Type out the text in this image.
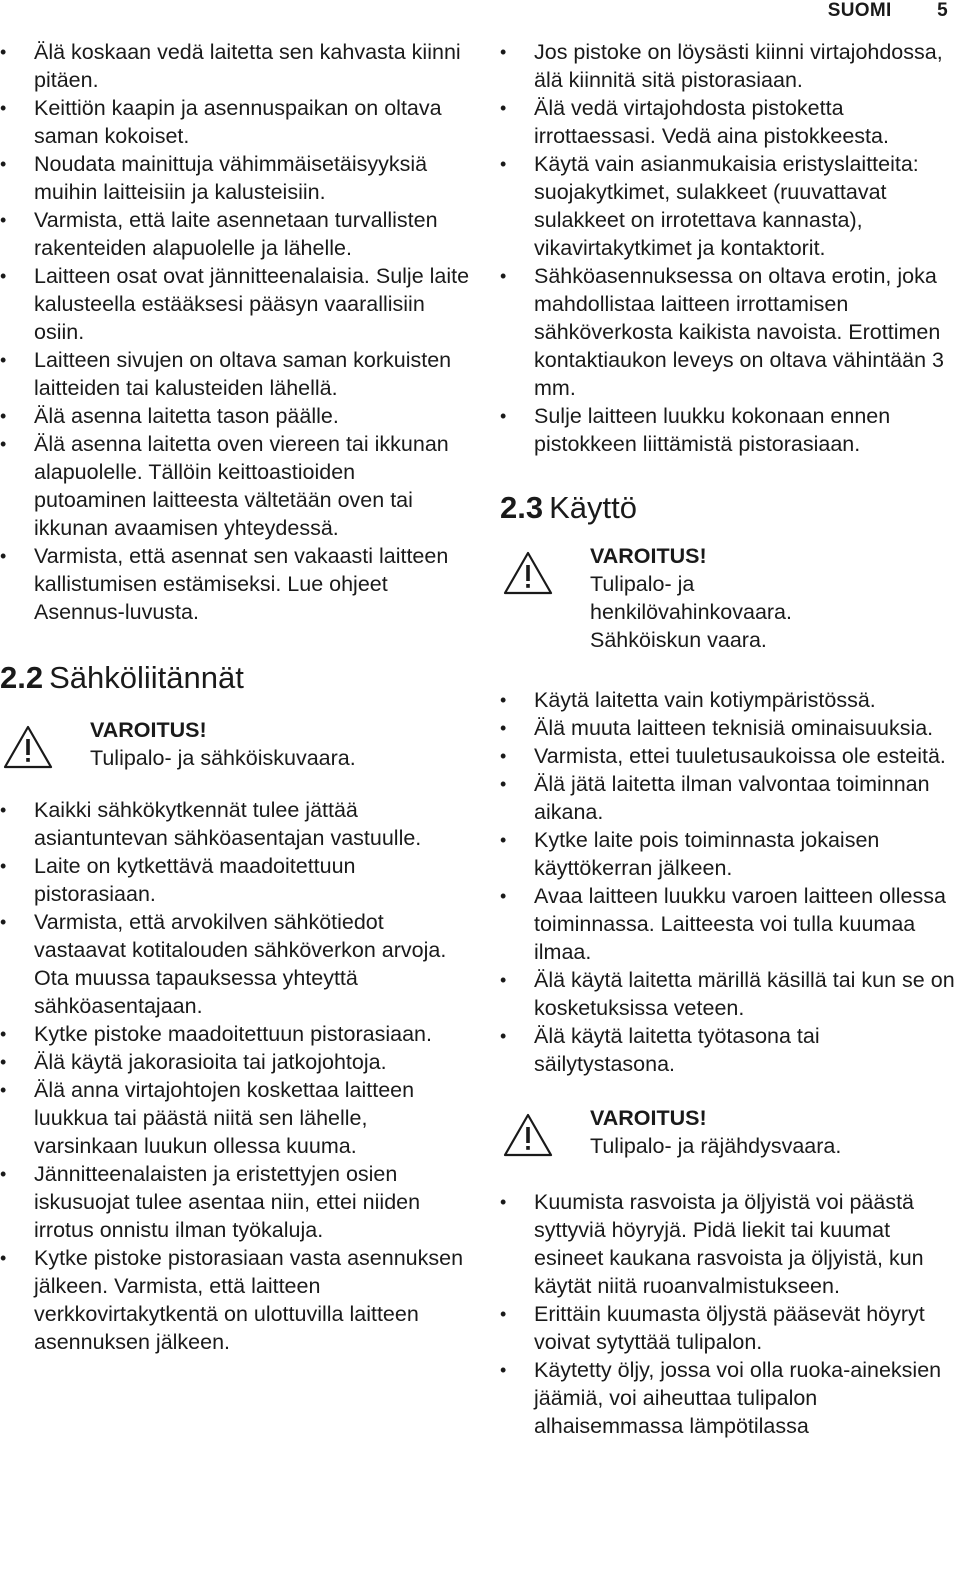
SUOMI 5
• Älä koskaan vedä laitetta sen kahvasta kiinni pitäen.
• Keittiön kaapin ja asennuspaikan on oltava saman kokoiset.
• Noudata mainittuja vähimmäisetäisyyksiä muihin laitteisiin ja kalusteisiin.
• Varmista, että laite asennetaan turvallisten rakenteiden alapuolelle ja lähelle.
• Laitteen osat ovat jännitteenalaisia. Sulje laite kalusteella estääksesi pääsyn vaarallisiin osiin.
• Laitteen sivujen on oltava saman korkuisten laitteiden tai kalusteiden lähellä.
• Älä asenna laitetta tason päälle.
• Älä asenna laitetta oven viereen tai ikkunan alapuolelle. Tällöin keittoastioiden putoaminen laitteesta vältetään oven tai ikkunan avaamisen yhteydessä.
• Varmista, että asennat sen vakaasti laitteen kallistumisen estämiseksi. Lue ohjeet Asennus-luvusta.
2.2 Sähköliitännät
VAROITUS!
Tulipalo- ja sähköiskuvaara.
• Kaikki sähkökytkennät tulee jättää asiantuntevan sähköasentajan vastuulle.
• Laite on kytkettävä maadoitettuun pistorasiaan.
• Varmista, että arvokilven sähkötiedot vastaavat kotitalouden sähköverkon arvoja. Ota muussa tapauksessa yhteyttä sähköasentajaan.
• Kytke pistoke maadoitettuun pistorasiaan.
• Älä käytä jakorasioita tai jatkojohtoja.
• Älä anna virtajohtojen koskettaa laitteen luukkua tai päästä niitä sen lähelle, varsinkaan luukun ollessa kuuma.
• Jännitteenalaisten ja eristettyjen osien iskusuojat tulee asentaa niin, ettei niiden irrotus onnistu ilman työkaluja.
• Kytke pistoke pistorasiaan vasta asennuksen jälkeen. Varmista, että laitteen verkkovirtakytkentä on ulottuvilla laitteen asennuksen jälkeen.
• Jos pistoke on löysästi kiinni virtajohdossa, älä kiinnitä sitä pistorasiaan.
• Älä vedä virtajohdosta pistoketta irrottaessasi. Vedä aina pistokkeesta.
• Käytä vain asianmukaisia eristyslaitteita: suojakytkimet, sulakkeet (ruuvattavat sulakkeet on irrotettava kannasta), vikavirtakytkimet ja kontaktorit.
• Sähköasennuksessa on oltava erotin, joka mahdollistaa laitteen irrottamisen sähköverkosta kaikista navoista. Erottimen kontaktiaukon leveys on oltava vähintään 3 mm.
• Sulje laitteen luukku kokonaan ennen pistokkeen liittämistä pistorasiaan.
2.3 Käyttö
VAROITUS!
Tulipalo- ja henkilövahinkovaara. Sähköiskun vaara.
• Käytä laitetta vain kotiympäristössä.
• Älä muuta laitteen teknisiä ominaisuuksia.
• Varmista, ettei tuuletusaukoissa ole esteitä.
• Älä jätä laitetta ilman valvontaa toiminnan aikana.
• Kytke laite pois toiminnasta jokaisen käyttökerran jälkeen.
• Avaa laitteen luukku varoen laitteen ollessa toiminnassa. Laitteesta voi tulla kuumaa ilmaa.
• Älä käytä laitetta märillä käsillä tai kun se on kosketuksissa veteen.
• Älä käytä laitetta työtasona tai säilytystasona.
VAROITUS!
Tulipalo- ja räjähdysvaara.
• Kuumista rasvoista ja öljyistä voi päästä syttyviä höyryjä. Pidä liekit tai kuumat esineet kaukana rasvoista ja öljyistä, kun käytät niitä ruoanvalmistukseen.
• Erittäin kuumasta öljystä pääsevät höyryt voivat sytyttää tulipalon.
• Käytetty öljy, jossa voi olla ruoka-aineksien jäämiä, voi aiheuttaa tulipalon alhaisemmassa lämpötilassa
